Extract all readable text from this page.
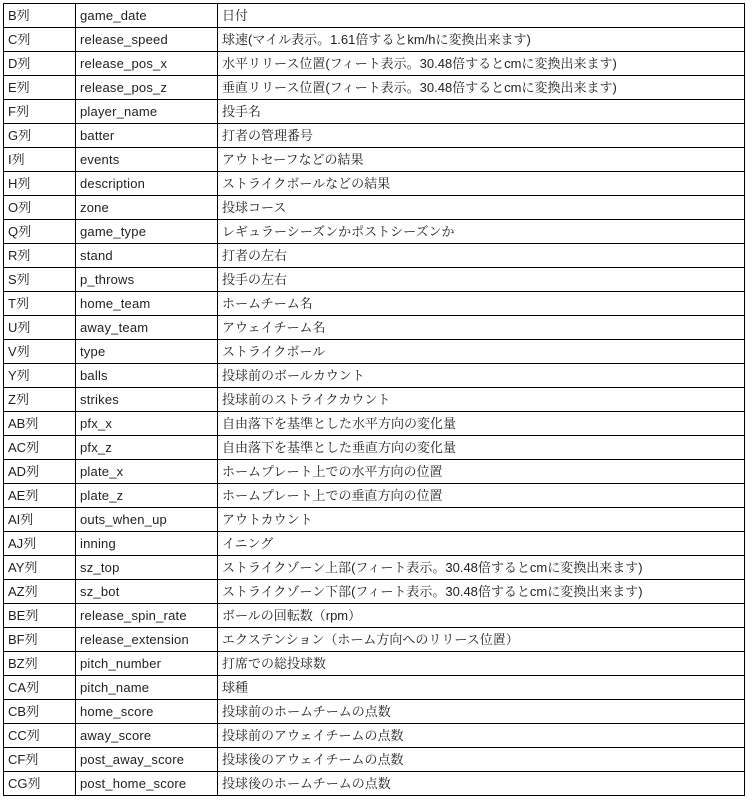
B列	game_date	日付
C列	release_speed	球速(マイル表示。1.61倍するとkm/hに変換出来ます)
D列	release_pos_x	水平リリース位置(フィート表示。30.48倍するとcmに変換出来ます)
E列	release_pos_z	垂直リリース位置(フィート表示。30.48倍するとcmに変換出来ます)
F列	player_name	投手名
G列	batter	打者の管理番号
I列	events	アウトセーフなどの結果
H列	description	ストライクボールなどの結果
O列	zone	投球コース
Q列	game_type	レギュラーシーズンかポストシーズンか
R列	stand	打者の左右
S列	p_throws	投手の左右
T列	home_team	ホームチーム名
U列	away_team	アウェイチーム名
V列	type	ストライクボール
Y列	balls	投球前のボールカウント
Z列	strikes	投球前のストライクカウント
AB列	pfx_x	自由落下を基準とした水平方向の変化量
AC列	pfx_z	自由落下を基準とした垂直方向の変化量
AD列	plate_x	ホームプレート上での水平方向の位置
AE列	plate_z	ホームプレート上での垂直方向の位置
AI列	outs_when_up	アウトカウント
AJ列	inning	イニング
AY列	sz_top	ストライクゾーン上部(フィート表示。30.48倍するとcmに変換出来ます)
AZ列	sz_bot	ストライクゾーン下部(フィート表示。30.48倍するとcmに変換出来ます)
BE列	release_spin_rate	ボールの回転数（rpm）
BF列	release_extension	エクステンション（ホーム方向へのリリース位置）
BZ列	pitch_number	打席での総投球数
CA列	pitch_name	球種
CB列	home_score	投球前のホームチームの点数
CC列	away_score	投球前のアウェイチームの点数
CF列	post_away_score	投球後のアウェイチームの点数
CG列	post_home_score	投球後のホームチームの点数
